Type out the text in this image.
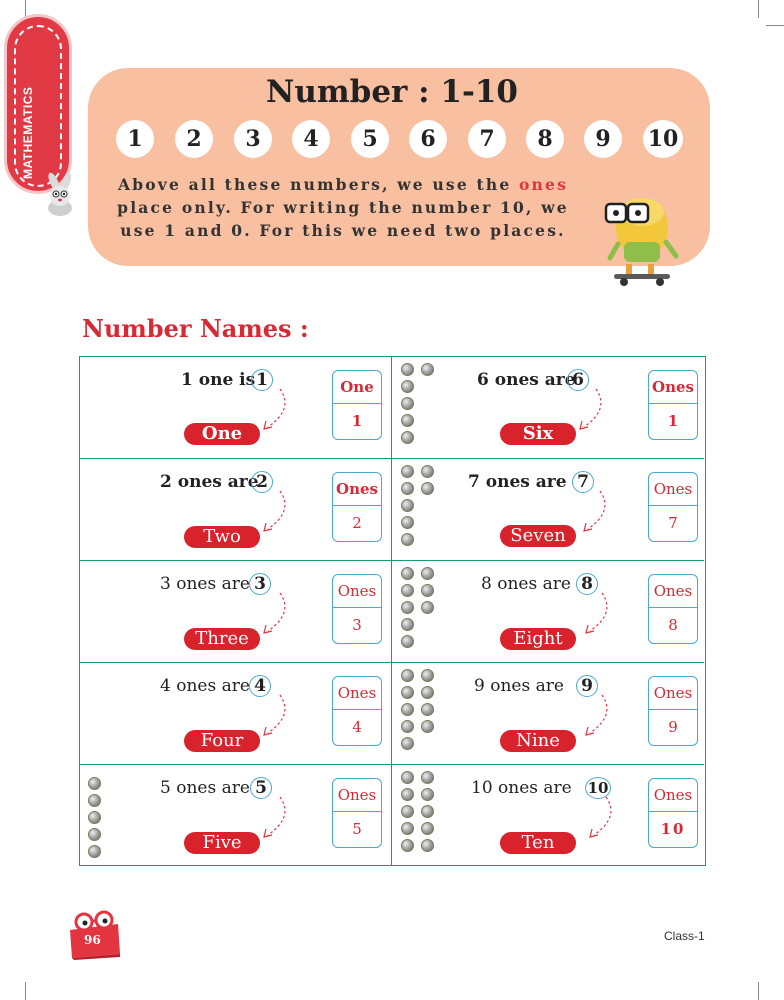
MATHEMATICS	Number : 1-10
1	2	3	4	5	6	7	8	9	10
Above all these numbers, we use the ones
place only. For writing the number 10, we
use 1 and 0. For this we need two places.
Number Names :
1 one is 1
One
One
1
2 ones are
2
Two
Ones
2
3 ones are 3
Three
Ones
3
4 ones are 4
Four
Ones
4
5 ones are 5
Five
Ones
5
6 ones are
6
Six
Ones
1
7 ones are 7
Seven
Ones
7
8 ones are 8
Eight
Ones
8
9 ones are 9
Nine
Ones
9
10 ones are 10
Ten
Ones
10
96	Class-1
